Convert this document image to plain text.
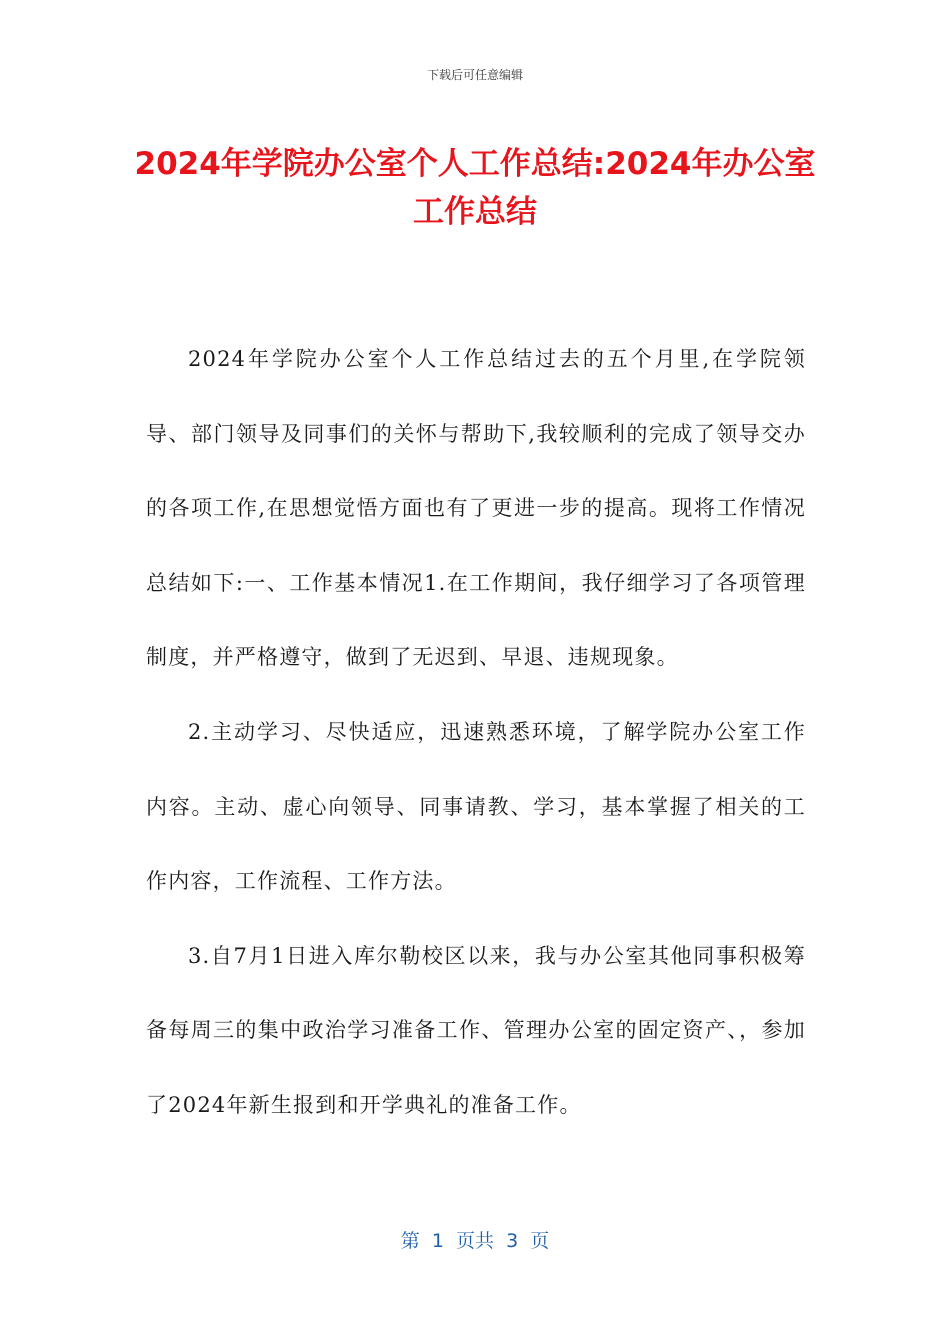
下载后可任意编辑
2024年学院办公室个人工作总结:2024年办公室工作总结

2024年学院办公室个人工作总结过去的五个月里,在学院领导、部门领导及同事们的关怀与帮助下,我较顺利的完成了领导交办的各项工作,在思想觉悟方面也有了更进一步的提高。现将工作情况总结如下:一、工作基本情况1.在工作期间，我仔细学习了各项管理制度，并严格遵守，做到了无迟到、早退、违规现象。

2.主动学习、尽快适应，迅速熟悉环境，了解学院办公室工作内容。主动、虚心向领导、同事请教、学习，基本掌握了相关的工作内容，工作流程、工作方法。

3.自7月1日进入库尔勒校区以来，我与办公室其他同事积极筹备每周三的集中政治学习准备工作、管理办公室的固定资产、，参加了2024年新生报到和开学典礼的准备工作。

第  1  页共  3  页
